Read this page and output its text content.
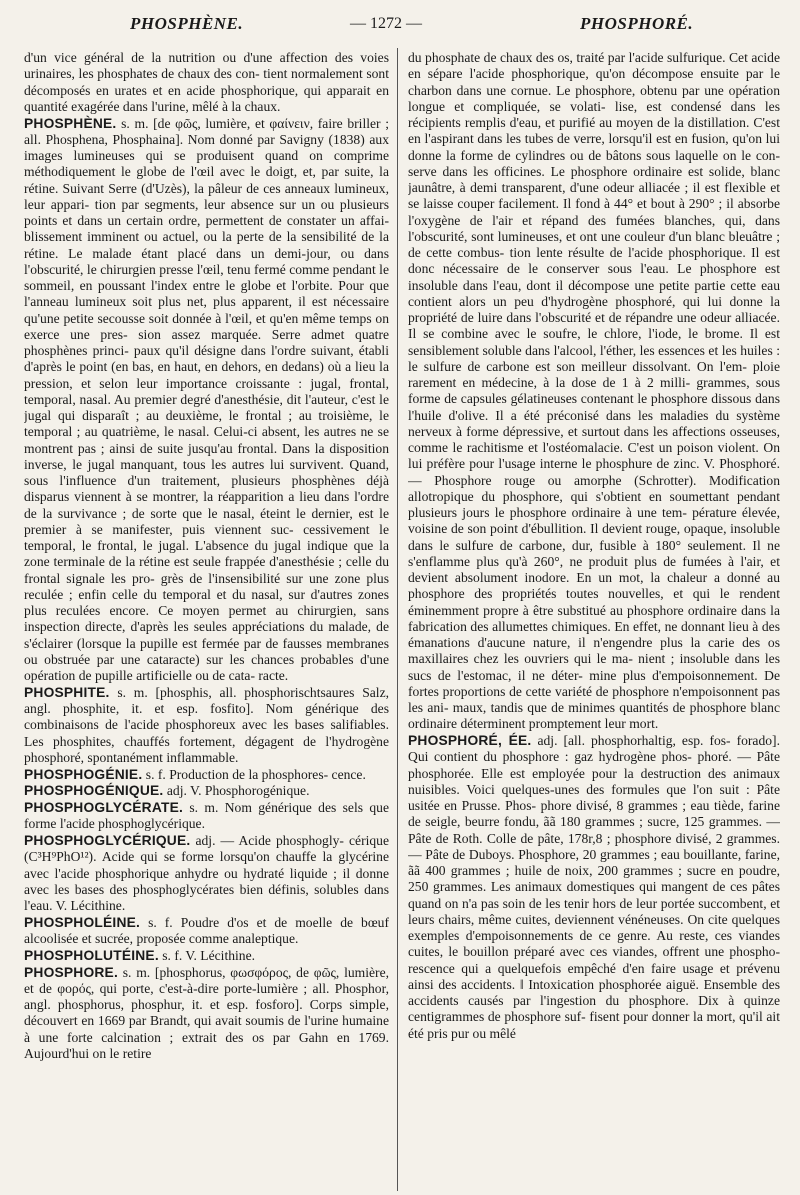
PHOSPHÈNE.	— 1272 —	PHOSPHORÉ.

d'un vice général de la nutrition ou d'une affection des voies urinaires, les phosphates de chaux des con- tient normalement sont décomposés en urates et en acide phosphorique, qui apparait en quantité exagérée dans l'urine, mêlé à la chaux.

PHOSPHÈNE. s. m. [de φῶς, lumière, et φαίνειν, faire briller ; all. Phosphena, Phosphaina]. Nom donné par Savigny (1838) aux images lumineuses qui se produisent quand on comprime méthodiquement le globe de l'œil avec le doigt, et, par suite, la rétine. Suivant Serre (d'Uzès), la pâleur de ces anneaux lumineux, leur appari- tion par segments, leur absence sur un ou plusieurs points et dans un certain ordre, permettent de constater un affai- blissement imminent ou actuel, ou la perte de la sensibilité de la rétine. Le malade étant placé dans un demi-jour, ou dans l'obscurité, le chirurgien presse l'œil, tenu fermé comme pendant le sommeil, en poussant l'index entre le globe et l'orbite. Pour que l'anneau lumineux soit plus net, plus apparent, il est nécessaire qu'une petite secousse soit donnée à l'œil, et qu'en même temps on exerce une pres- sion assez marquée. Serre admet quatre phosphènes princi- paux qu'il désigne dans l'ordre suivant, établi d'après le point (en bas, en haut, en dehors, en dedans) où a lieu la pression, et selon leur importance croissante : jugal, frontal, temporal, nasal. Au premier degré d'anesthésie, dit l'auteur, c'est le jugal qui disparaît ; au deuxième, le frontal ; au troisième, le temporal ; au quatrième, le nasal. Celui-ci absent, les autres ne se montrent pas ; ainsi de suite jusqu'au frontal. Dans la disposition inverse, le jugal manquant, tous les autres lui survivent. Quand, sous l'influence d'un traitement, plusieurs phosphènes déjà disparus viennent à se montrer, la réapparition a lieu dans l'ordre de la survivance ; de sorte que le nasal, éteint le dernier, est le premier à se manifester, puis viennent suc- cessivement le temporal, le frontal, le jugal. L'absence du jugal indique que la zone terminale de la rétine est seule frappée d'anesthésie ; celle du frontal signale les pro- grès de l'insensibilité sur une zone plus reculée ; enfin celle du temporal et du nasal, sur d'autres zones plus reculées encore. Ce moyen permet au chirurgien, sans inspection directe, d'après les seules appréciations du malade, de s'éclairer (lorsque la pupille est fermée par de fausses membranes ou obstruée par une cataracte) sur les chances probables d'une opération de pupille artificielle ou de cata- racte.

PHOSPHITE. s. m. [phosphis, all. phosphorischtsaures Salz, angl. phosphite, it. et esp. fosfito]. Nom générique des combinaisons de l'acide phosphoreux avec les bases salifiables. Les phosphites, chauffés fortement, dégagent de l'hydrogène phosphoré, spontanément inflammable.

PHOSPHOGÉNIE. s. f. Production de la phosphores- cence.

PHOSPHOGÉNIQUE. adj. V. Phosphorogénique.

PHOSPHOGLYCÉRATE. s. m. Nom générique des sels que forme l'acide phosphoglycérique.

PHOSPHOGLYCÉRIQUE. adj. — Acide phosphogly- cérique (C³H⁹PhO¹²). Acide qui se forme lorsqu'on chauffe la glycérine avec l'acide phosphorique anhydre ou hydraté liquide ; il donne avec les bases des phosphoglycérates bien définis, solubles dans l'eau. V. Lécithine.

PHOSPHOLÉINE. s. f. Poudre d'os et de moelle de bœuf alcoolisée et sucrée, proposée comme analeptique.

PHOSPHOLUTÉINE. s. f. V. Lécithine.

PHOSPHORE. s. m. [phosphorus, φωσφόρος, de φῶς, lumière, et de φορός, qui porte, c'est-à-dire porte-lumière ; all. Phosphor, angl. phosphorus, phosphur, it. et esp. fosforo]. Corps simple, découvert en 1669 par Brandt, qui avait soumis de l'urine humaine à une forte calcination ; extrait des os par Gahn en 1769. Aujourd'hui on le retire

du phosphate de chaux des os, traité par l'acide sulfurique. Cet acide en sépare l'acide phosphorique, qu'on décompose ensuite par le charbon dans une cornue. Le phosphore, obtenu par une opération longue et compliquée, se volati- lise, est condensé dans les récipients remplis d'eau, et purifié au moyen de la distillation. C'est en l'aspirant dans les tubes de verre, lorsqu'il est en fusion, qu'on lui donne la forme de cylindres ou de bâtons sous laquelle on le con- serve dans les officines. Le phosphore ordinaire est solide, blanc jaunâtre, à demi transparent, d'une odeur alliacée ; il est flexible et se laisse couper facilement. Il fond à 44° et bout à 290° ; il absorbe l'oxygène de l'air et répand des fumées blanches, qui, dans l'obscurité, sont lumineuses, et ont une couleur d'un blanc bleuâtre ; de cette combus- tion lente résulte de l'acide phosphorique. Il est donc nécessaire de le conserver sous l'eau. Le phosphore est insoluble dans l'eau, dont il décompose une petite partie cette eau contient alors un peu d'hydrogène phosphoré, qui lui donne la propriété de luire dans l'obscurité et de répandre une odeur alliacée. Il se combine avec le soufre, le chlore, l'iode, le brome. Il est sensiblement soluble dans l'alcool, l'éther, les essences et les huiles : le sulfure de carbone est son meilleur dissolvant. On l'em- ploie rarement en médecine, à la dose de 1 à 2 milli- grammes, sous forme de capsules gélatineuses contenant le phosphore dissous dans l'huile d'olive. Il a été préconisé dans les maladies du système nerveux à forme dépressive, et surtout dans les affections osseuses, comme le rachitisme et l'ostéomalacie. C'est un poison violent. On lui préfère pour l'usage interne le phosphure de zinc. V. Phosphoré. — Phosphore rouge ou amorphe (Schrotter). Modification allotropique du phosphore, qui s'obtient en soumettant pendant plusieurs jours le phosphore ordinaire à une tem- pérature élevée, voisine de son point d'ébullition. Il devient rouge, opaque, insoluble dans le sulfure de carbone, dur, fusible à 180° seulement. Il ne s'enflamme plus qu'à 260°, ne produit plus de fumées à l'air, et devient absolument inodore. En un mot, la chaleur a donné au phosphore des propriétés toutes nouvelles, et qui le rendent éminemment propre à être substitué au phosphore ordinaire dans la fabrication des allumettes chimiques. En effet, ne donnant lieu à des émanations d'aucune nature, il n'engendre plus la carie des os maxillaires chez les ouvriers qui le ma- nient ; insoluble dans les sucs de l'estomac, il ne déter- mine plus d'empoisonnement. De fortes proportions de cette variété de phosphore n'empoisonnent pas les ani- maux, tandis que de minimes quantités de phosphore blanc ordinaire déterminent promptement leur mort.

PHOSPHORÉ, ÉE. adj. [all. phosphorhaltig, esp. fos- forado]. Qui contient du phosphore : gaz hydrogène phos- phoré. — Pâte phosphorée. Elle est employée pour la destruction des animaux nuisibles. Voici quelques-unes des formules que l'on suit : Pâte usitée en Prusse. Phos- phore divisé, 8 grammes ; eau tiède, farine de seigle, beurre fondu, ãã 180 grammes ; sucre, 125 grammes. — Pâte de Roth. Colle de pâte, 178r,8 ; phosphore divisé, 2 grammes. — Pâte de Duboys. Phosphore, 20 grammes ; eau bouillante, farine, ãã 400 grammes ; huile de noix, 200 grammes ; sucre en poudre, 250 grammes. Les animaux domestiques qui mangent de ces pâtes quand on n'a pas soin de les tenir hors de leur portée succombent, et leurs chairs, même cuites, deviennent vénéneuses. On cite quelques exemples d'empoisonnements de ce genre. Au reste, ces viandes cuites, le bouillon préparé avec ces viandes, offrent une phospho- rescence qui a quelquefois empêché d'en faire usage et prévenu ainsi des accidents. ‖ Intoxication phosphorée aiguë. Ensemble des accidents causés par l'ingestion du phosphore. Dix à quinze centigrammes de phosphore suf- fisent pour donner la mort, qu'il ait été pris pur ou mêlé
